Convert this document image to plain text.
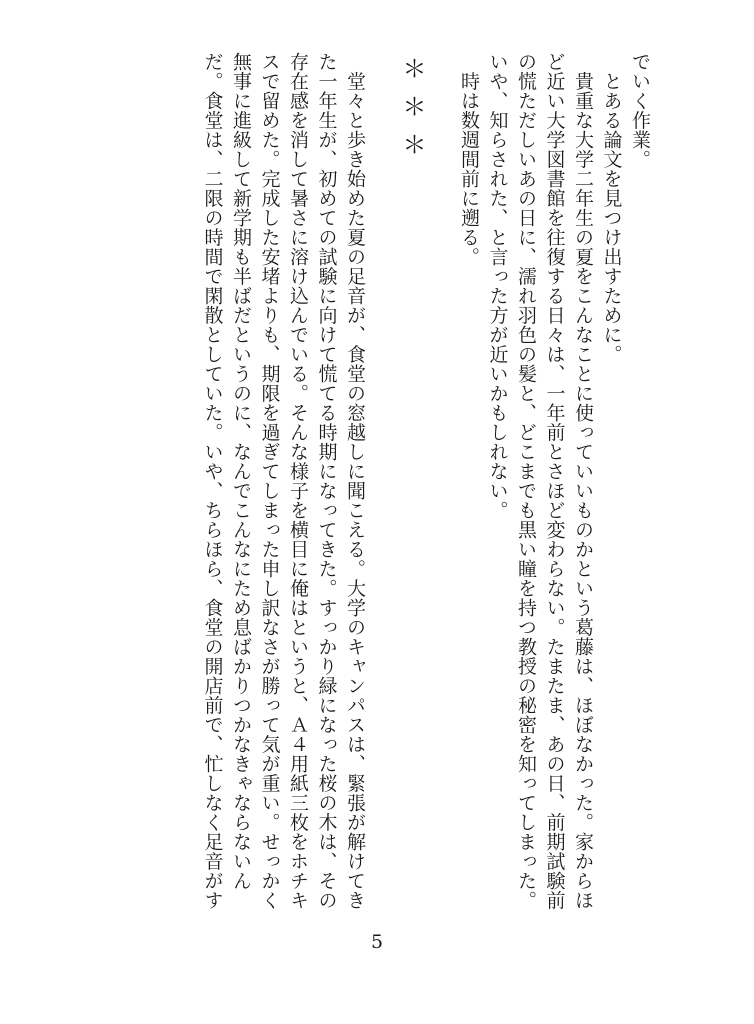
でいく作業。
　とある論文を見つけ出すために。
　貴重な大学二年生の夏をこんなことに使っていいものかという葛藤は、ほぼなかった。家からほ
ど近い大学図書館を往復する日々は、一年前とさほど変わらない。たまたま、あの日、前期試験前
の慌ただしいあの日に、濡れ羽色の髪と、どこまでも黒い瞳を持つ教授の秘密を知ってしまった。
いや、知らされた、と言った方が近いかもしれない。
　時は数週間前に遡る。
＊＊＊
　堂々と歩き始めた夏の足音が、食堂の窓越しに聞こえる。大学のキャンパスは、緊張が解けてき
た一年生が、初めての試験に向けて慌てる時期になってきた。すっかり緑になった桜の木は、その
存在感を消して暑さに溶け込んでいる。そんな様子を横目に俺はというと、Ａ４用紙三枚をホチキ
スで留めた。完成した安堵よりも、期限を過ぎてしまった申し訳なさが勝って気が重い。せっかく
無事に進級して新学期も半ばだというのに、なんでこんなにため息ばかりつかなきゃならないん
だ。食堂は、二限の時間で閑散としていた。いや、ちらほら、食堂の開店前で、忙しなく足音がす
5
